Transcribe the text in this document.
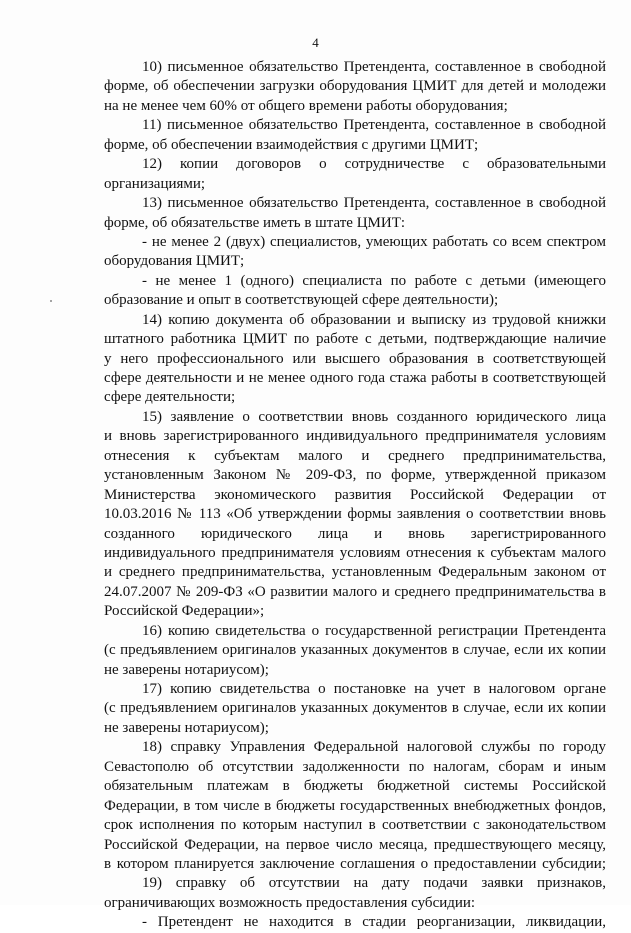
4
10) письменное обязательство Претендента, составленное в свободной
форме, об обеспечении загрузки оборудования ЦМИТ для детей и молодежи
на не менее чем 60% от общего времени работы оборудования;
11) письменное обязательство Претендента, составленное в свободной
форме, об обеспечении взаимодействия с другими ЦМИТ;
12) копии договоров о сотрудничестве с образовательными
организациями;
13) письменное обязательство Претендента, составленное в свободной
форме, об обязательстве иметь в штате ЦМИТ:
- не менее 2 (двух) специалистов, умеющих работать со всем спектром
оборудования ЦМИТ;
- не менее 1 (одного) специалиста по работе с детьми (имеющего
образование и опыт в соответствующей сфере деятельности);
14) копию документа об образовании и выписку из трудовой книжки
штатного работника ЦМИТ по работе с детьми, подтверждающие наличие
у него профессионального или высшего образования в соответствующей
сфере деятельности и не менее одного года стажа работы в соответствующей
сфере деятельности;
15) заявление о соответствии вновь созданного юридического лица
и вновь зарегистрированного индивидуального предпринимателя условиям
отнесения к субъектам малого и среднего предпринимательства,
установленным Законом № 209-ФЗ, по форме, утвержденной приказом
Министерства экономического развития Российской Федерации от
10.03.2016 № 113 «Об утверждении формы заявления о соответствии вновь
созданного юридического лица и вновь зарегистрированного
индивидуального предпринимателя условиям отнесения к субъектам малого
и среднего предпринимательства, установленным Федеральным законом от
24.07.2007 № 209-ФЗ «О развитии малого и среднего предпринимательства в
Российской Федерации»;
16) копию свидетельства о государственной регистрации Претендента
(с предъявлением оригиналов указанных документов в случае, если их копии
не заверены нотариусом);
17) копию свидетельства о постановке на учет в налоговом органе
(с предъявлением оригиналов указанных документов в случае, если их копии
не заверены нотариусом);
18) справку Управления Федеральной налоговой службы по городу
Севастополю об отсутствии задолженности по налогам, сборам и иным
обязательным платежам в бюджеты бюджетной системы Российской
Федерации, в том числе в бюджеты государственных внебюджетных фондов,
срок исполнения по которым наступил в соответствии с законодательством
Российской Федерации, на первое число месяца, предшествующего месяцу,
в котором планируется заключение соглашения о предоставлении субсидии;
19) справку об отсутствии на дату подачи заявки признаков,
ограничивающих возможность предоставления субсидии:
- Претендент не находится в стадии реорганизации, ликвидации,
